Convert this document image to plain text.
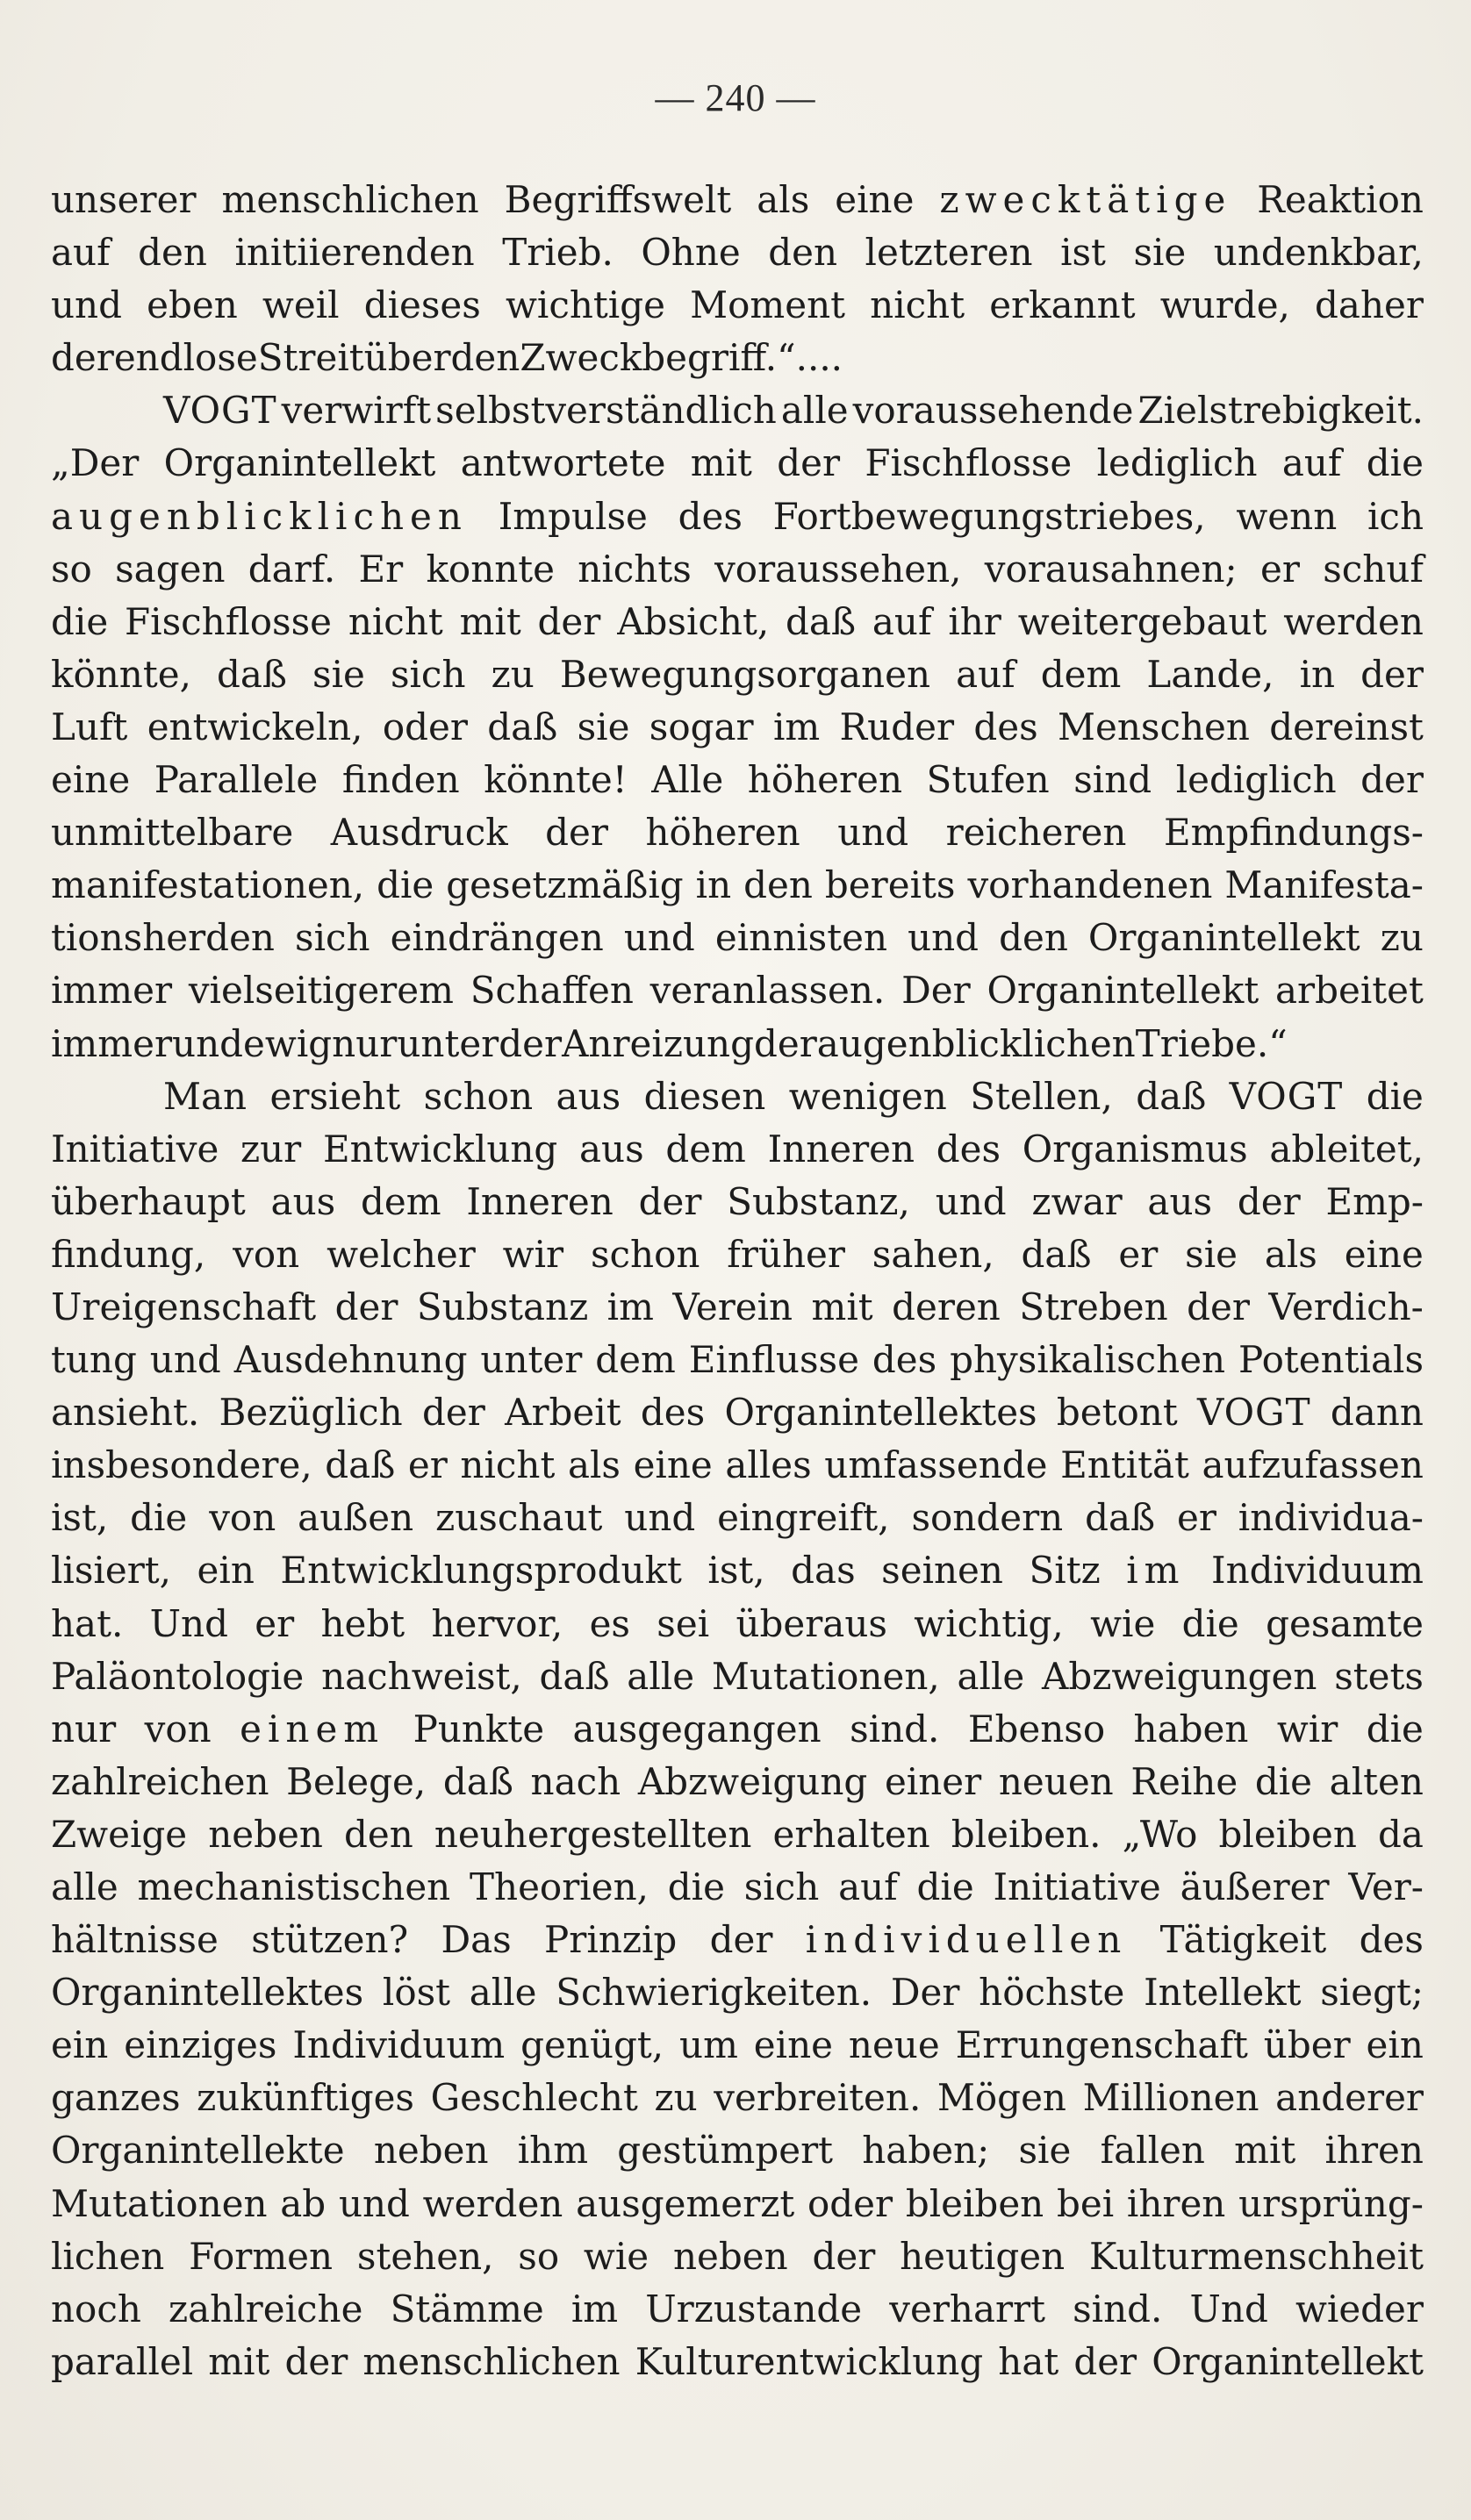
— 240 —
unserer menschlichen Begriffswelt als eine zwecktätige Reaktion
auf den initiierenden Trieb. Ohne den letzteren ist sie undenkbar,
und eben weil dieses wichtige Moment nicht erkannt wurde, daher
der endlose Streit über den Zweckbegriff.“ . . . .
VOGT verwirft selbstverständlich alle voraussehende Zielstrebigkeit.
„Der Organintellekt antwortete mit der Fischflosse lediglich auf die
augenblicklichen Impulse des Fortbewegungstriebes, wenn ich
so sagen darf. Er konnte nichts voraussehen, vorausahnen; er schuf
die Fischflosse nicht mit der Absicht, daß auf ihr weitergebaut werden
könnte, daß sie sich zu Bewegungsorganen auf dem Lande, in der
Luft entwickeln, oder daß sie sogar im Ruder des Menschen dereinst
eine Parallele finden könnte! Alle höheren Stufen sind lediglich der
unmittelbare Ausdruck der höheren und reicheren Empfindungs-
manifestationen, die gesetzmäßig in den bereits vorhandenen Manifesta-
tionsherden sich eindrängen und einnisten und den Organintellekt zu
immer vielseitigerem Schaffen veranlassen. Der Organintellekt arbeitet
immer und ewig nur unter der Anreizung der augenblicklichen Triebe.“
Man ersieht schon aus diesen wenigen Stellen, daß VOGT die
Initiative zur Entwicklung aus dem Inneren des Organismus ableitet,
überhaupt aus dem Inneren der Substanz, und zwar aus der Emp-
findung, von welcher wir schon früher sahen, daß er sie als eine
Ureigenschaft der Substanz im Verein mit deren Streben der Verdich-
tung und Ausdehnung unter dem Einflusse des physikalischen Potentials
ansieht. Bezüglich der Arbeit des Organintellektes betont VOGT dann
insbesondere, daß er nicht als eine alles umfassende Entität aufzufassen
ist, die von außen zuschaut und eingreift, sondern daß er individua-
lisiert, ein Entwicklungsprodukt ist, das seinen Sitz im Individuum
hat. Und er hebt hervor, es sei überaus wichtig, wie die gesamte
Paläontologie nachweist, daß alle Mutationen, alle Abzweigungen stets
nur von einem Punkte ausgegangen sind. Ebenso haben wir die
zahlreichen Belege, daß nach Abzweigung einer neuen Reihe die alten
Zweige neben den neuhergestellten erhalten bleiben. „Wo bleiben da
alle mechanistischen Theorien, die sich auf die Initiative äußerer Ver-
hältnisse stützen? Das Prinzip der individuellen Tätigkeit des
Organintellektes löst alle Schwierigkeiten. Der höchste Intellekt siegt;
ein einziges Individuum genügt, um eine neue Errungenschaft über ein
ganzes zukünftiges Geschlecht zu verbreiten. Mögen Millionen anderer
Organintellekte neben ihm gestümpert haben; sie fallen mit ihren
Mutationen ab und werden ausgemerzt oder bleiben bei ihren ursprüng-
lichen Formen stehen, so wie neben der heutigen Kulturmenschheit
noch zahlreiche Stämme im Urzustande verharrt sind. Und wieder
parallel mit der menschlichen Kulturentwicklung hat der Organintellekt
